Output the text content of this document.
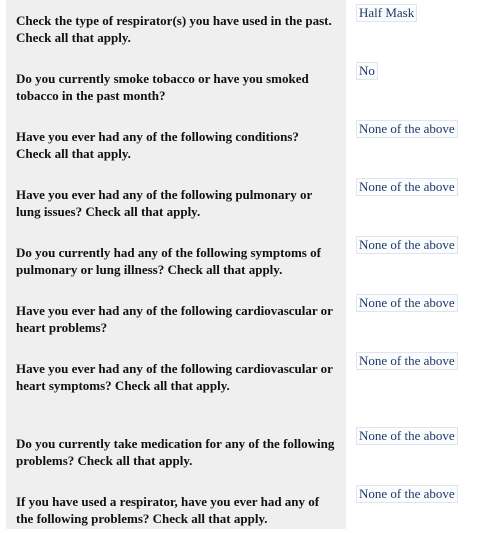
Check the type of respirator(s) you have used in the past. Check all that apply.
Half Mask
Do you currently smoke tobacco or have you smoked tobacco in the past month?
No
Have you ever had any of the following conditions? Check all that apply.
None of the above
Have you ever had any of the following pulmonary or lung issues? Check all that apply.
None of the above
Do you currently had any of the following symptoms of pulmonary or lung illness? Check all that apply.
None of the above
Have you ever had any of the following cardiovascular or heart problems?
None of the above
Have you ever had any of the following cardiovascular or heart symptoms? Check all that apply.
None of the above
Do you currently take medication for any of the following problems? Check all that apply.
None of the above
If you have used a respirator, have you ever had any of the following problems? Check all that apply.
None of the above
